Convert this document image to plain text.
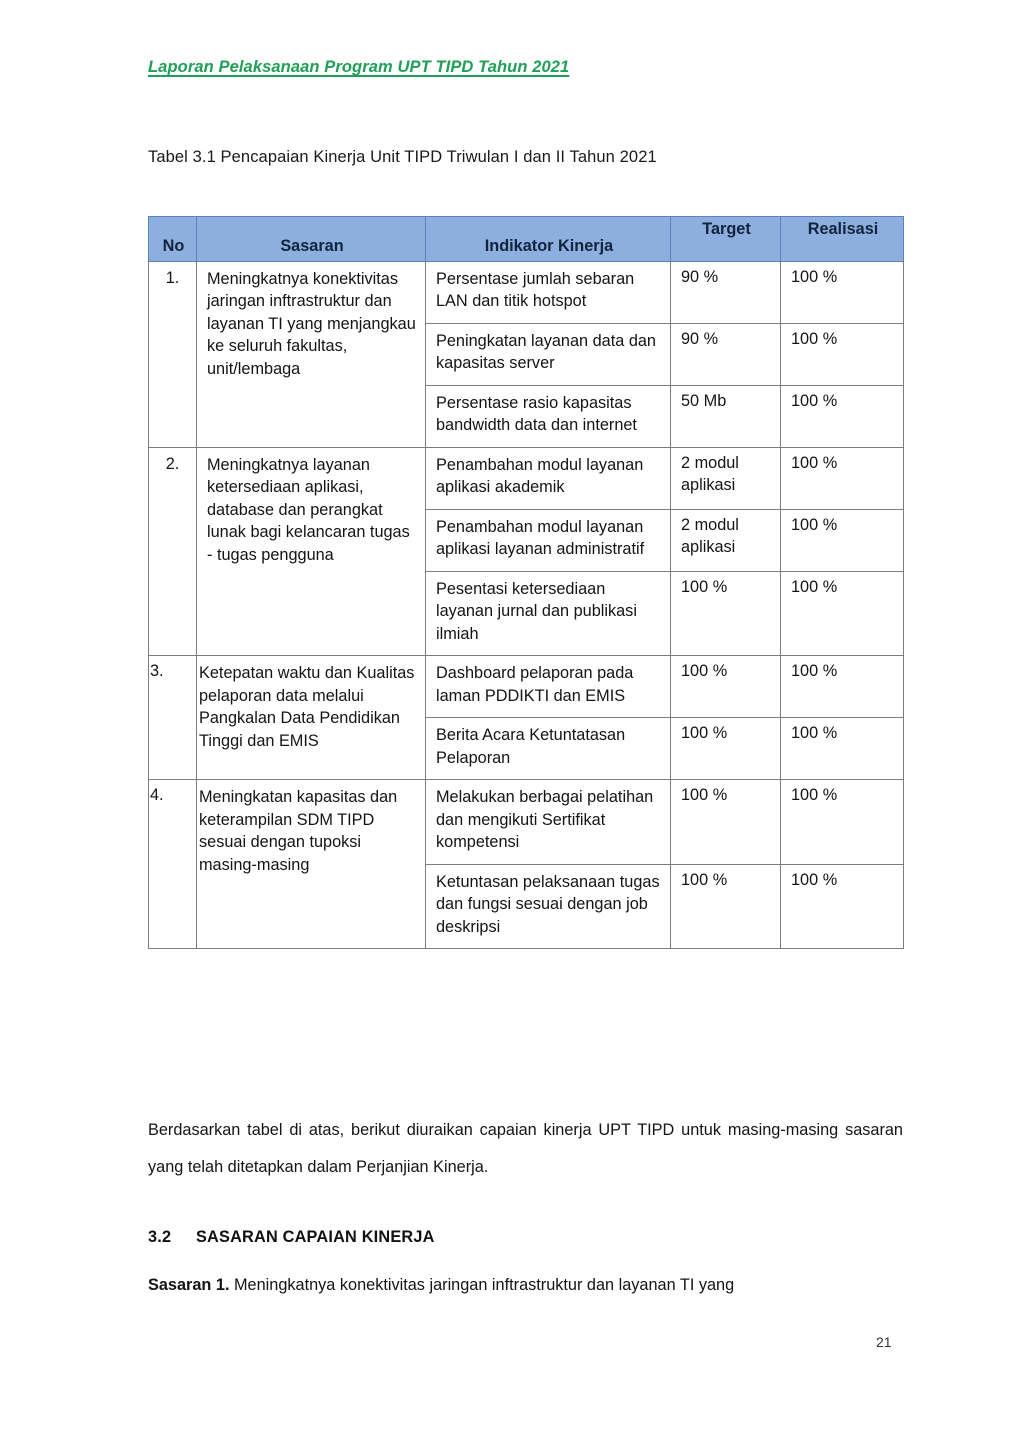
Laporan Pelaksanaan Program UPT TIPD Tahun 2021
Tabel 3.1 Pencapaian Kinerja Unit TIPD Triwulan I dan II Tahun 2021
No	Sasaran	Indikator Kinerja	Target	Realisasi

1.	Meningkatnya konektivitas jaringan inftrastruktur dan layanan TI yang menjangkau ke seluruh fakultas, unit/lembaga	Persentase jumlah sebaran LAN dan titik hotspot	90 %	100 %

		Peningkatan layanan data dan kapasitas server	90 %	100 %

		Persentase rasio kapasitas bandwidth data dan internet	50 Mb	100 %

2.	Meningkatnya layanan ketersediaan aplikasi, database dan perangkat lunak bagi kelancaran tugas - tugas pengguna	Penambahan modul layanan aplikasi akademik	2 modul aplikasi	100 %

		Penambahan modul layanan aplikasi layanan administratif	2 modul aplikasi	100 %

		Pesentasi ketersediaan layanan jurnal dan publikasi ilmiah	100 %	100 %

3.	Ketepatan waktu dan Kualitas pelaporan data melalui Pangkalan Data Pendidikan Tinggi dan EMIS	Dashboard pelaporan pada laman PDDIKTI dan EMIS	100 %	100 %

		Berita Acara Ketuntatasan Pelaporan	100 %	100 %

4.	Meningkatan kapasitas dan keterampilan SDM TIPD sesuai dengan tupoksi masing-masing	Melakukan berbagai pelatihan dan mengikuti Sertifikat kompetensi	100 %	100 %

		Ketuntasan pelaksanaan tugas dan fungsi sesuai dengan job deskripsi	100 %	100 %
Berdasarkan tabel di atas, berikut diuraikan capaian kinerja UPT TIPD untuk masing-masing sasaran yang telah ditetapkan dalam Perjanjian Kinerja.
3.2 SASARAN CAPAIAN KINERJA
Sasaran 1. Meningkatnya konektivitas jaringan inftrastruktur dan layanan TI yang
21
